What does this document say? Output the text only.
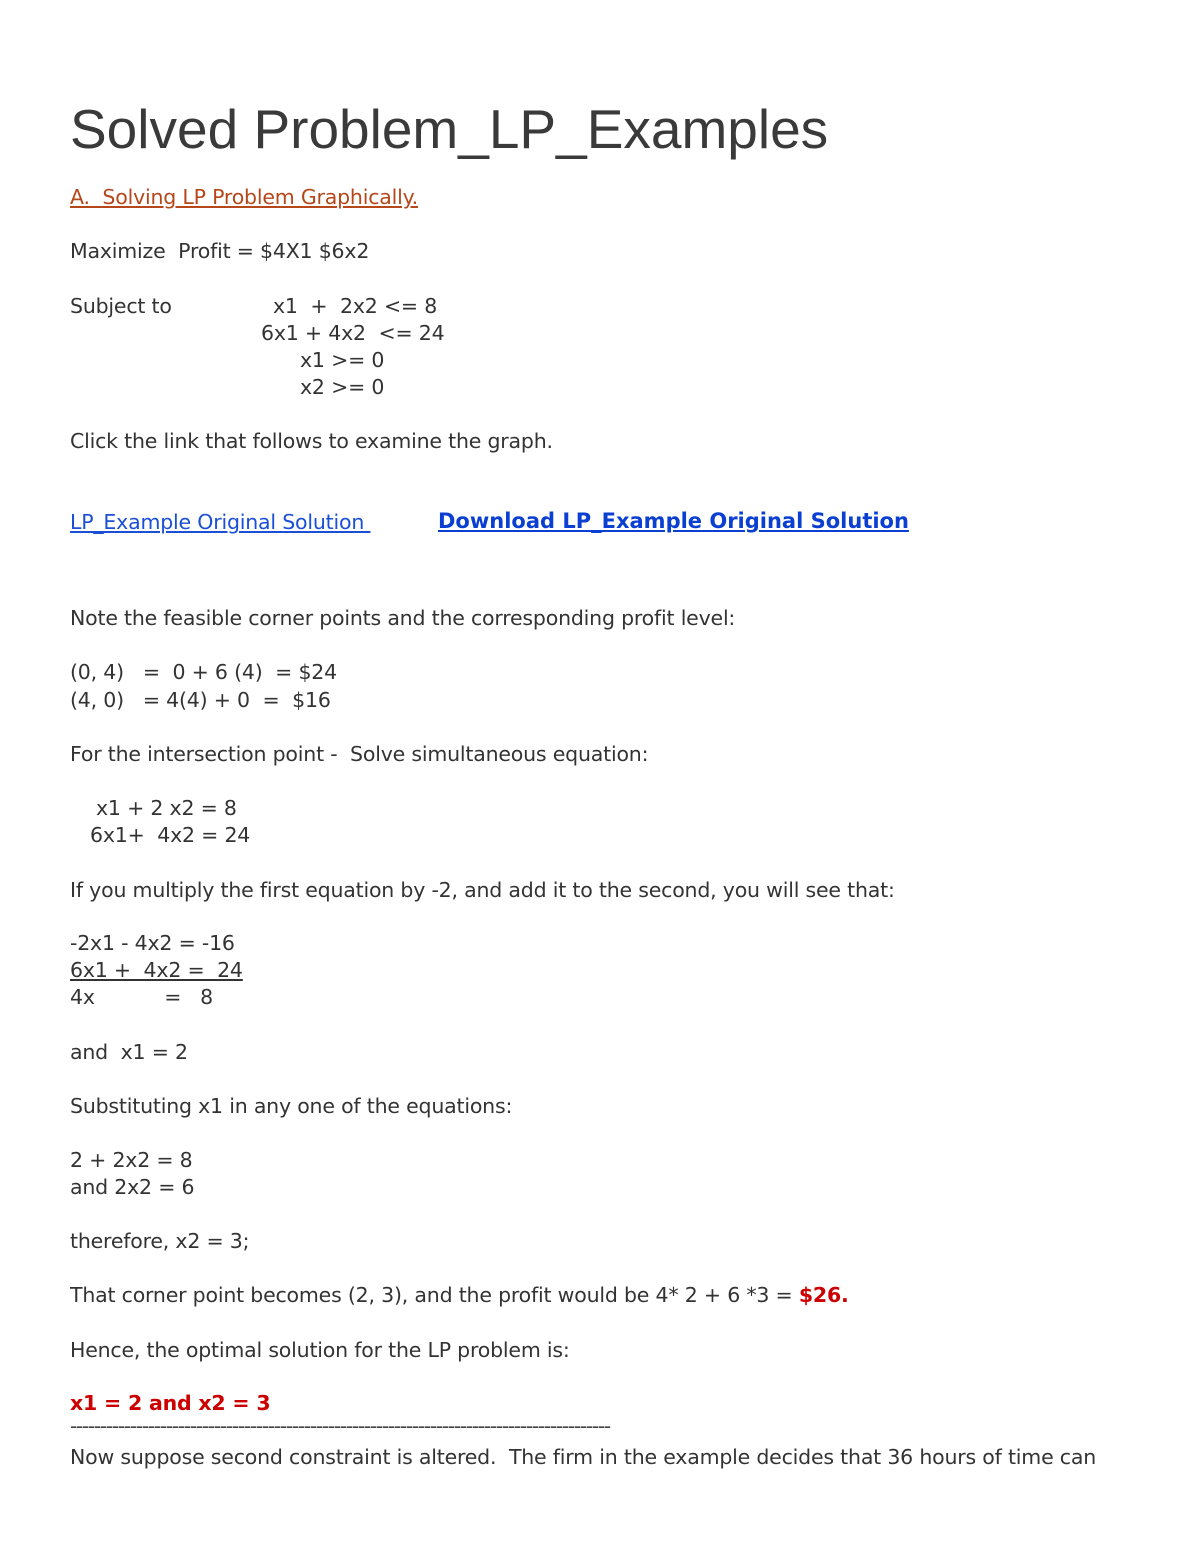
Solved Problem_LP_Examples
A.  Solving LP Problem Graphically.
Maximize  Profit = $4X1 $6x2
Subject to	x1  +  2x2 <= 8
6x1 + 4x2  <= 24
x1 >= 0
x2 >= 0
Click the link that follows to examine the graph.
LP_Example Original Solution	Download LP_Example Original Solution
Note the feasible corner points and the corresponding profit level:
(0, 4)   =  0 + 6 (4)  = $24
(4, 0)   = 4(4) + 0  =  $16
For the intersection point -  Solve simultaneous equation:
x1 + 2 x2 = 8
6x1+  4x2 = 24
If you multiply the first equation by -2, and add it to the second, you will see that:
-2x1 - 4x2 = -16
6x1 +  4x2 =  24
4x           =   8
and  x1 = 2
Substituting x1 in any one of the equations:
2 + 2x2 = 8
and 2x2 = 6
therefore, x2 = 3;
That corner point becomes (2, 3), and the profit would be 4* 2 + 6 *3 = $26.
Hence, the optimal solution for the LP problem is:
x1 = 2 and x2 = 3
------------------------------------------------------------------------------------------
Now suppose second constraint is altered.  The firm in the example decides that 36 hours of time can
